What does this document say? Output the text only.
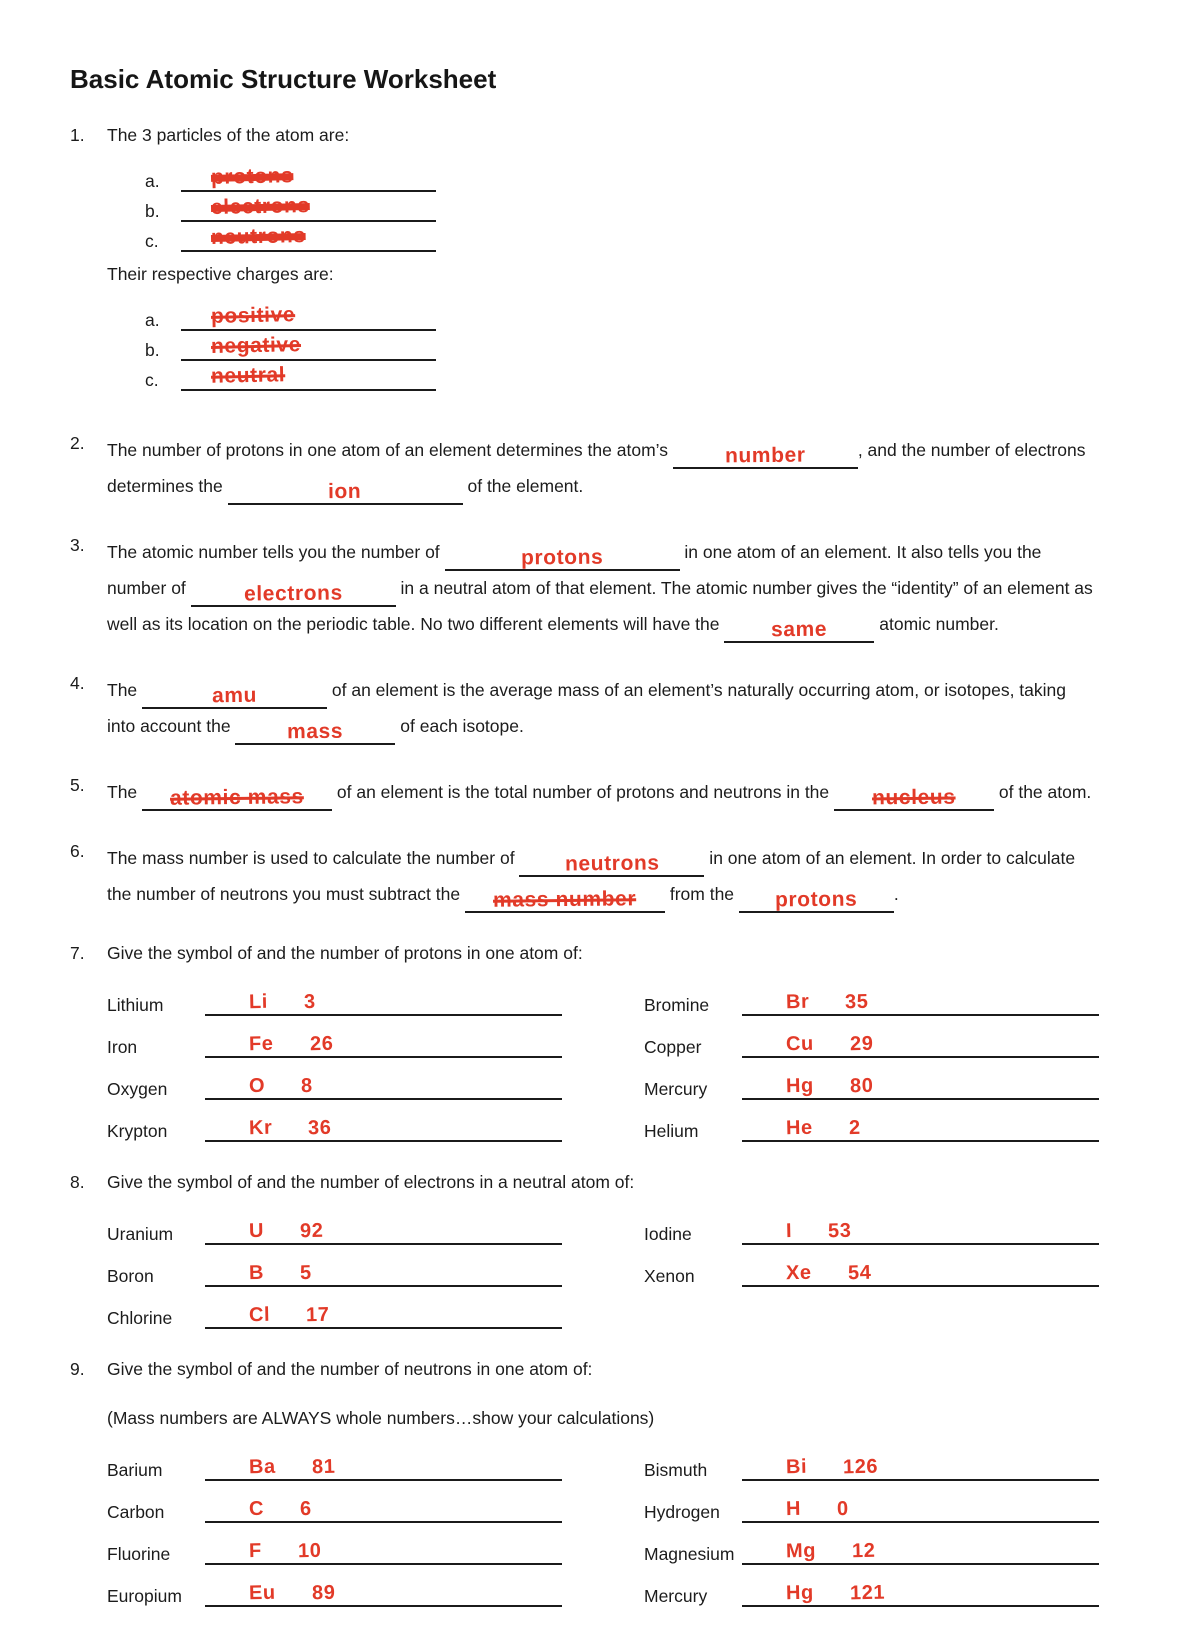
Basic Atomic Structure Worksheet
1.	The 3 particles of the atom are:

a.	protons
b.	electrons
c.	neutrons

Their respective charges are:

a.	positive
b.	negative
c.	neutral
2.	The number of protons in one atom of an element determines the atom’s number	, and the number of electrons determines the	ion	of the element.

3.	The atomic number tells you the number of	protons	in one atom of an element. It also tells you the number of	electrons	in a neutral atom of that element. The atomic number gives the “identity” of an element as well as its location on the periodic table. No two different elements will have the same	atomic number.

4.	The	amu	of an element is the average mass of an element’s naturally occurring atom, or isotopes, taking into account the mass	of each isotope.

5.	The atomic mass of an element is the total number of protons and neutrons in the nucleus of the atom.

6.	The mass number is used to calculate the number of neutrons	in one atom of an element. In order to calculate the number of neutrons you must subtract the mass number from the protons .

7.	Give the symbol of and the number of protons in one atom of:

Lithium	Li 3
Iron	Fe 26
Oxygen	O 8
Krypton	Kr 36
Bromine	Br 35
Copper	Cu 29
Mercury	Hg 80
Helium	He 2
8.	Give the symbol of and the number of electrons in a neutral atom of:

Uranium	U 92
Boron	B 5
Chlorine	Cl 17
Iodine	I 53
Xenon	Xe 54
9.	Give the symbol of and the number of neutrons in one atom of:

(Mass numbers are ALWAYS whole numbers…show your calculations)

Barium	Ba 81
Carbon	C 6
Fluorine	F 10
Europium	Eu 89
Bismuth	Bi 126
Hydrogen	H 0
Magnesium	Mg 12
Mercury	Hg 121
